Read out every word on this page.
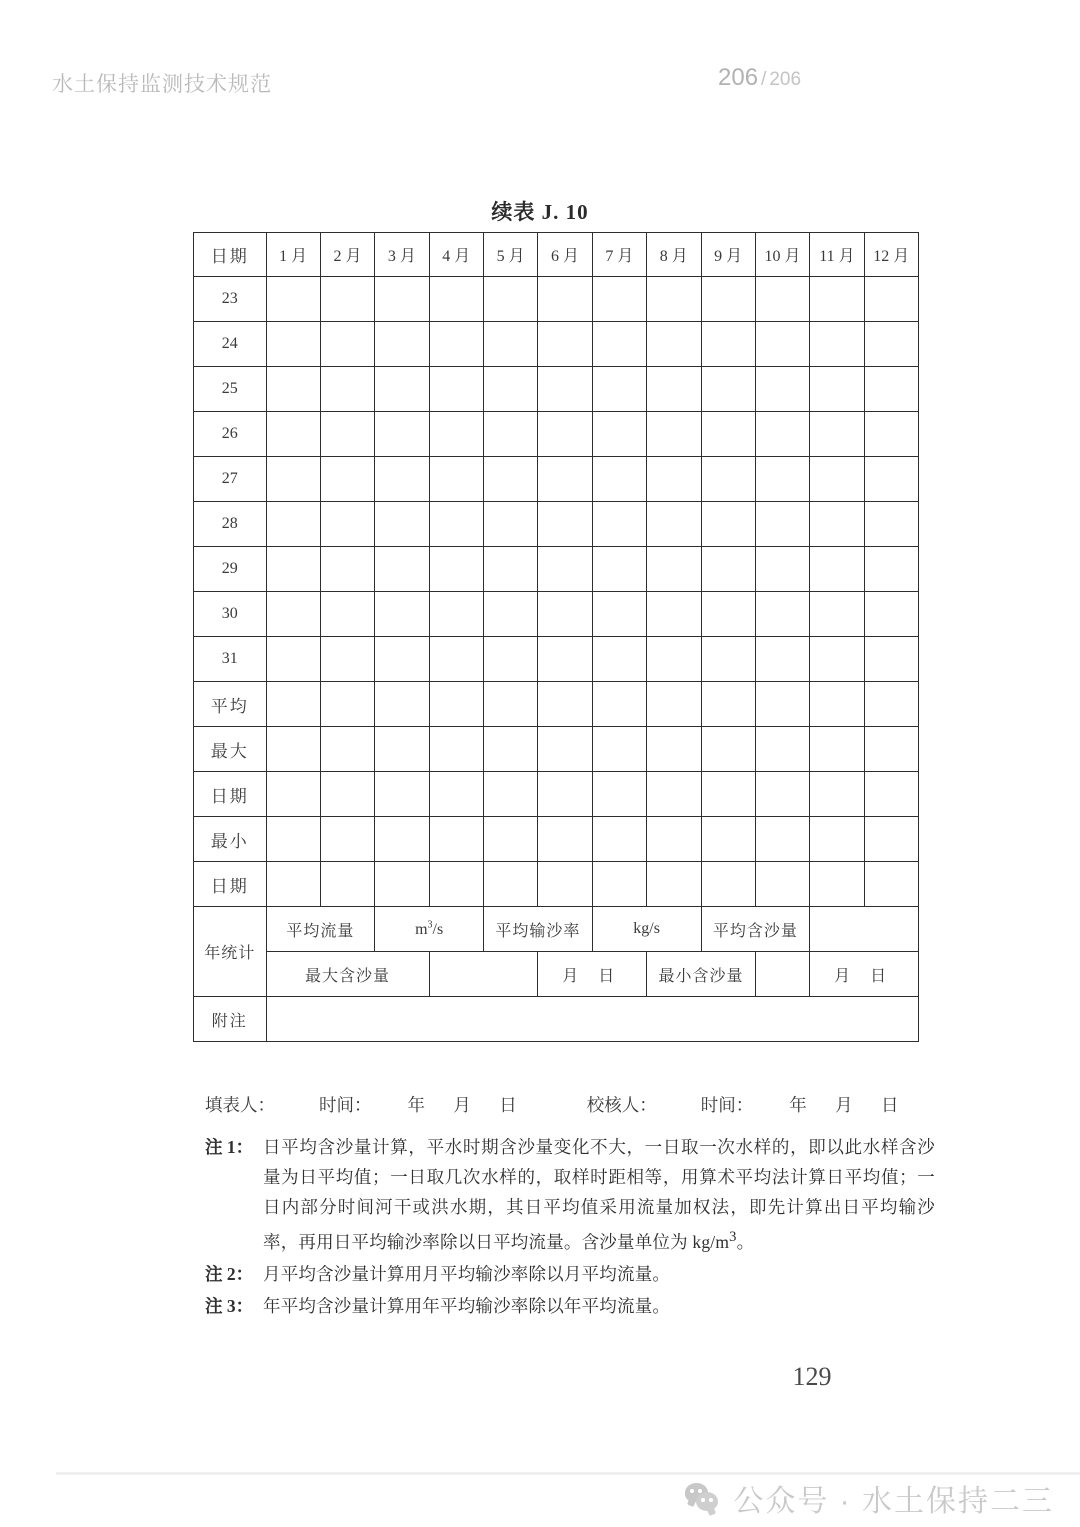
水土保持监测技术规范	206 / 206
续表 J. 10
日期	1 月	2 月	3 月	4 月	5 月	6 月	7 月	8 月	9 月	10 月	11 月	12 月
23												
24												
25												
26												
27												
28												
29												
30												
31												
平均												
最大												
日期												
最小												
日期												
年统计	平均流量		$m^3/s$		平均输沙率		kg/s		平均含沙量			
	最大含沙量					月 日		最小含沙量			月 日	
附注												
填表人：	时间： 年 月 日	校核人：	时间： 年 月 日
注 1： 日平均含沙量计算，平水时期含沙量变化不大，一日取一次水样的，即以此水样含沙量为日平均值；一日取几次水样的，取样时距相等，用算术平均法计算日平均值；一日内部分时间河干或洪水期，其日平均值采用流量加权法，即先计算出日平均输沙率，再用日平均输沙率除以日平均流量。含沙量单位为 $kg/m^3$。
注 2： 月平均含沙量计算用月平均输沙率除以月平均流量。
注 3： 年平均含沙量计算用年平均输沙率除以年平均流量。
129
公众号 · 水土保持二三
